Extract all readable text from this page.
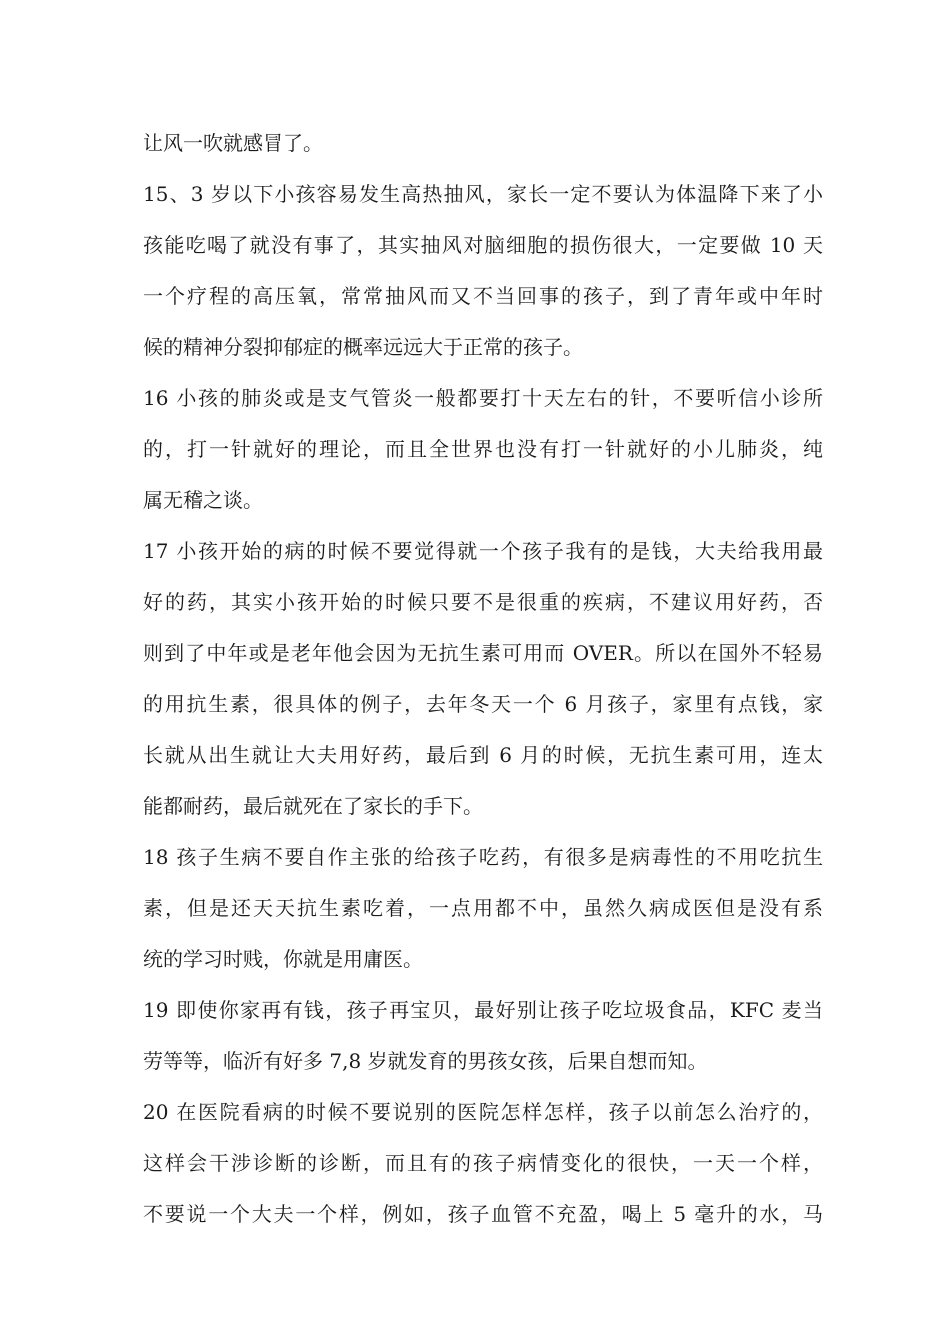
让风一吹就感冒了。
15、3 岁以下小孩容易发生高热抽风，家长一定不要认为体温降下来了小
孩能吃喝了就没有事了，其实抽风对脑细胞的损伤很大，一定要做 10 天
一个疗程的高压氧，常常抽风而又不当回事的孩子，到了青年或中年时
候的精神分裂抑郁症的概率远远大于正常的孩子。
16 小孩的肺炎或是支气管炎一般都要打十天左右的针，不要听信小诊所
的，打一针就好的理论，而且全世界也没有打一针就好的小儿肺炎，纯
属无稽之谈。
17 小孩开始的病的时候不要觉得就一个孩子我有的是钱，大夫给我用最
好的药，其实小孩开始的时候只要不是很重的疾病，不建议用好药，否
则到了中年或是老年他会因为无抗生素可用而 OVER。所以在国外不轻易
的用抗生素，很具体的例子，去年冬天一个 6 月孩子，家里有点钱，家
长就从出生就让大夫用好药，最后到 6 月的时候，无抗生素可用，连太
能都耐药，最后就死在了家长的手下。
18 孩子生病不要自作主张的给孩子吃药，有很多是病毒性的不用吃抗生
素，但是还天天抗生素吃着，一点用都不中，虽然久病成医但是没有系
统的学习时贱，你就是用庸医。
19 即使你家再有钱，孩子再宝贝，最好别让孩子吃垃圾食品，KFC 麦当
劳等等，临沂有好多 7,8 岁就发育的男孩女孩，后果自想而知。
20 在医院看病的时候不要说别的医院怎样怎样，孩子以前怎么治疗的，
这样会干涉诊断的诊断，而且有的孩子病情变化的很快，一天一个样，
不要说一个大夫一个样，例如，孩子血管不充盈，喝上 5 毫升的水，马
